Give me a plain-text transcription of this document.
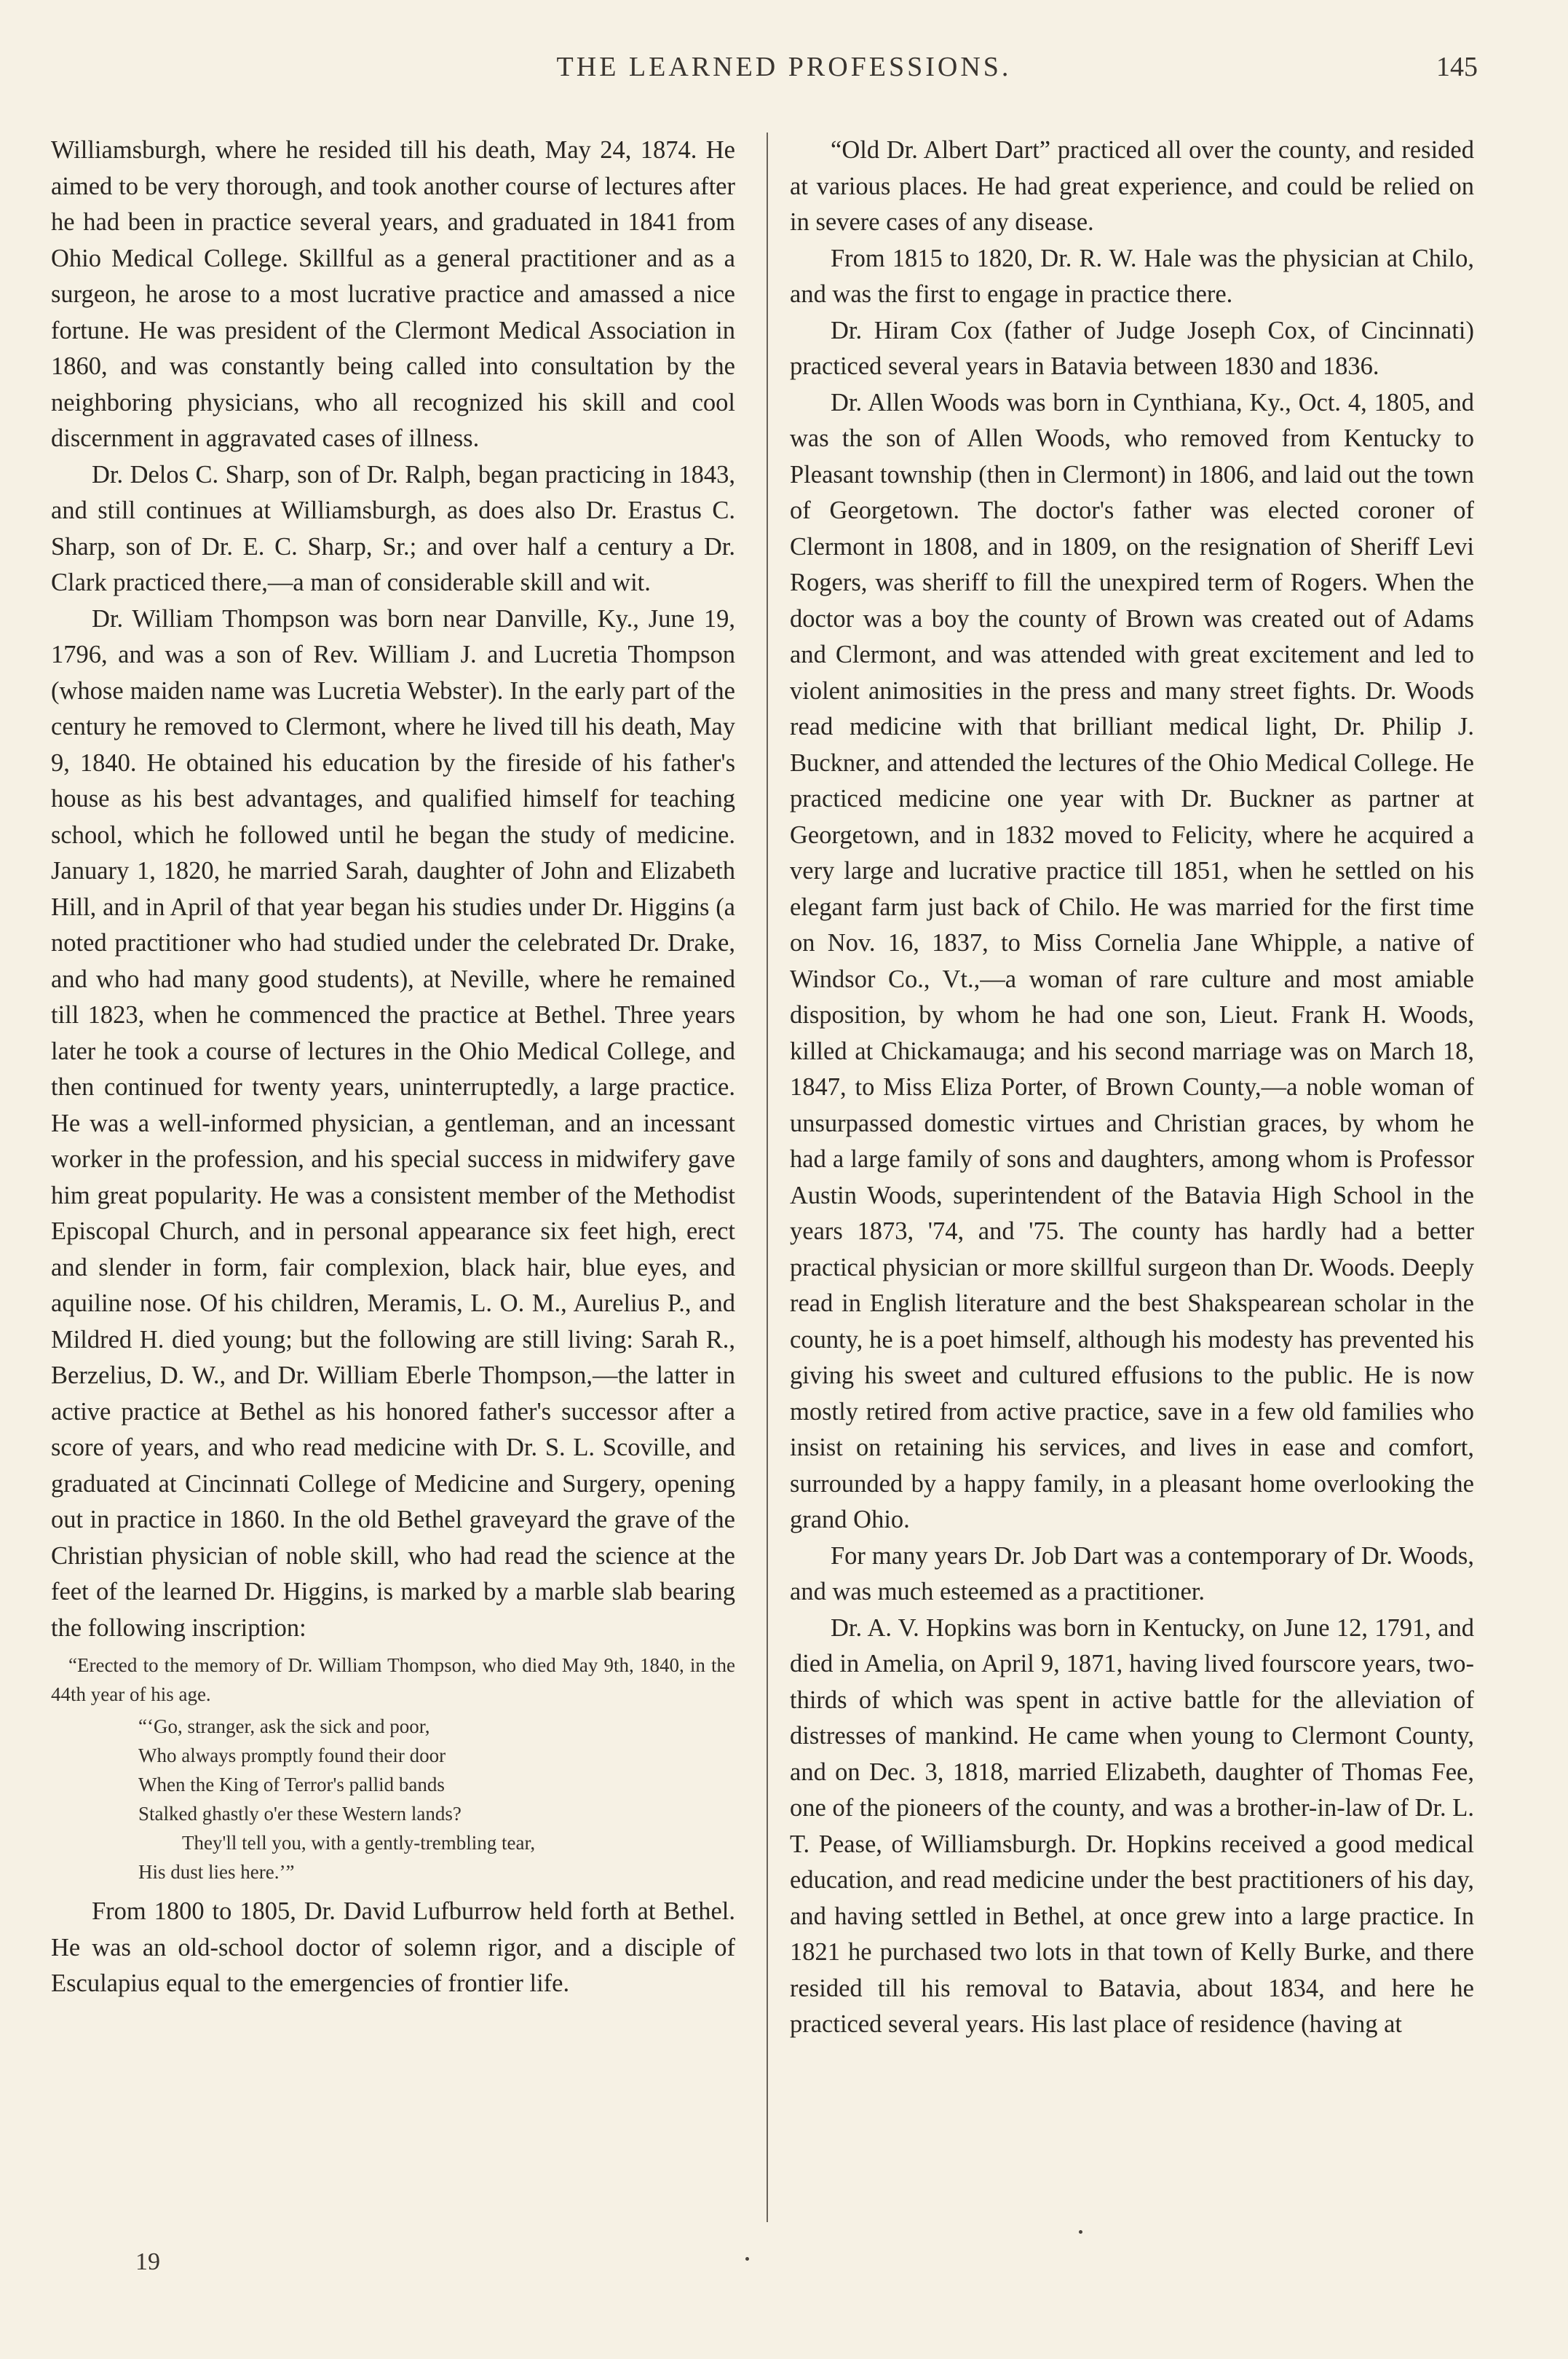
THE LEARNED PROFESSIONS.	145

Williamsburgh, where he resided till his death, May 24, 1874. He aimed to be very thorough, and took another course of lectures after he had been in practice several years, and graduated in 1841 from Ohio Medical College. Skillful as a general practitioner and as a surgeon, he arose to a most lucrative practice and amassed a nice fortune. He was president of the Clermont Medical Association in 1860, and was constantly being called into consultation by the neighboring physicians, who all recognized his skill and cool discernment in aggravated cases of illness.

Dr. Delos C. Sharp, son of Dr. Ralph, began practicing in 1843, and still continues at Williamsburgh, as does also Dr. Erastus C. Sharp, son of Dr. E. C. Sharp, Sr.; and over half a century a Dr. Clark practiced there,—a man of considerable skill and wit.

Dr. William Thompson was born near Danville, Ky., June 19, 1796, and was a son of Rev. William J. and Lucretia Thompson (whose maiden name was Lucretia Webster). In the early part of the century he removed to Clermont, where he lived till his death, May 9, 1840. He obtained his education by the fireside of his father's house as his best advantages, and qualified himself for teaching school, which he followed until he began the study of medicine. January 1, 1820, he married Sarah, daughter of John and Elizabeth Hill, and in April of that year began his studies under Dr. Higgins (a noted practitioner who had studied under the celebrated Dr. Drake, and who had many good students), at Neville, where he remained till 1823, when he commenced the practice at Bethel. Three years later he took a course of lectures in the Ohio Medical College, and then continued for twenty years, uninterruptedly, a large practice. He was a well-informed physician, a gentleman, and an incessant worker in the profession, and his special success in midwifery gave him great popularity. He was a consistent member of the Methodist Episcopal Church, and in personal appearance six feet high, erect and slender in form, fair complexion, black hair, blue eyes, and aquiline nose. Of his children, Meramis, L. O. M., Aurelius P., and Mildred H. died young; but the following are still living: Sarah R., Berzelius, D. W., and Dr. William Eberle Thompson,—the latter in active practice at Bethel as his honored father's successor after a score of years, and who read medicine with Dr. S. L. Scoville, and graduated at Cincinnati College of Medicine and Surgery, opening out in practice in 1860. In the old Bethel graveyard the grave of the Christian physician of noble skill, who had read the science at the feet of the learned Dr. Higgins, is marked by a marble slab bearing the following inscription:

“Erected to the memory of Dr. William Thompson, who died May 9th, 1840, in the 44th year of his age.

“‘Go, stranger, ask the sick and poor,
Who always promptly found their door
When the King of Terror's pallid bands
Stalked ghastly o'er these Western lands?
They'll tell you, with a gently-trembling tear,
His dust lies here.’”

From 1800 to 1805, Dr. David Lufburrow held forth at Bethel. He was an old-school doctor of solemn rigor, and a disciple of Esculapius equal to the emergencies of frontier life.

“Old Dr. Albert Dart” practiced all over the county, and resided at various places. He had great experience, and could be relied on in severe cases of any disease.

From 1815 to 1820, Dr. R. W. Hale was the physician at Chilo, and was the first to engage in practice there.

Dr. Hiram Cox (father of Judge Joseph Cox, of Cincinnati) practiced several years in Batavia between 1830 and 1836.

Dr. Allen Woods was born in Cynthiana, Ky., Oct. 4, 1805, and was the son of Allen Woods, who removed from Kentucky to Pleasant township (then in Clermont) in 1806, and laid out the town of Georgetown. The doctor's father was elected coroner of Clermont in 1808, and in 1809, on the resignation of Sheriff Levi Rogers, was sheriff to fill the unexpired term of Rogers. When the doctor was a boy the county of Brown was created out of Adams and Clermont, and was attended with great excitement and led to violent animosities in the press and many street fights. Dr. Woods read medicine with that brilliant medical light, Dr. Philip J. Buckner, and attended the lectures of the Ohio Medical College. He practiced medicine one year with Dr. Buckner as partner at Georgetown, and in 1832 moved to Felicity, where he acquired a very large and lucrative practice till 1851, when he settled on his elegant farm just back of Chilo. He was married for the first time on Nov. 16, 1837, to Miss Cornelia Jane Whipple, a native of Windsor Co., Vt.,—a woman of rare culture and most amiable disposition, by whom he had one son, Lieut. Frank H. Woods, killed at Chickamauga; and his second marriage was on March 18, 1847, to Miss Eliza Porter, of Brown County,—a noble woman of unsurpassed domestic virtues and Christian graces, by whom he had a large family of sons and daughters, among whom is Professor Austin Woods, superintendent of the Batavia High School in the years 1873, '74, and '75. The county has hardly had a better practical physician or more skillful surgeon than Dr. Woods. Deeply read in English literature and the best Shakspearean scholar in the county, he is a poet himself, although his modesty has prevented his giving his sweet and cultured effusions to the public. He is now mostly retired from active practice, save in a few old families who insist on retaining his services, and lives in ease and comfort, surrounded by a happy family, in a pleasant home overlooking the grand Ohio.

For many years Dr. Job Dart was a contemporary of Dr. Woods, and was much esteemed as a practitioner.

Dr. A. V. Hopkins was born in Kentucky, on June 12, 1791, and died in Amelia, on April 9, 1871, having lived fourscore years, two-thirds of which was spent in active battle for the alleviation of distresses of mankind. He came when young to Clermont County, and on Dec. 3, 1818, married Elizabeth, daughter of Thomas Fee, one of the pioneers of the county, and was a brother-in-law of Dr. L. T. Pease, of Williamsburgh. Dr. Hopkins received a good medical education, and read medicine under the best practitioners of his day, and having settled in Bethel, at once grew into a large practice. In 1821 he purchased two lots in that town of Kelly Burke, and there resided till his removal to Batavia, about 1834, and here he practiced several years. His last place of residence (having at

19
